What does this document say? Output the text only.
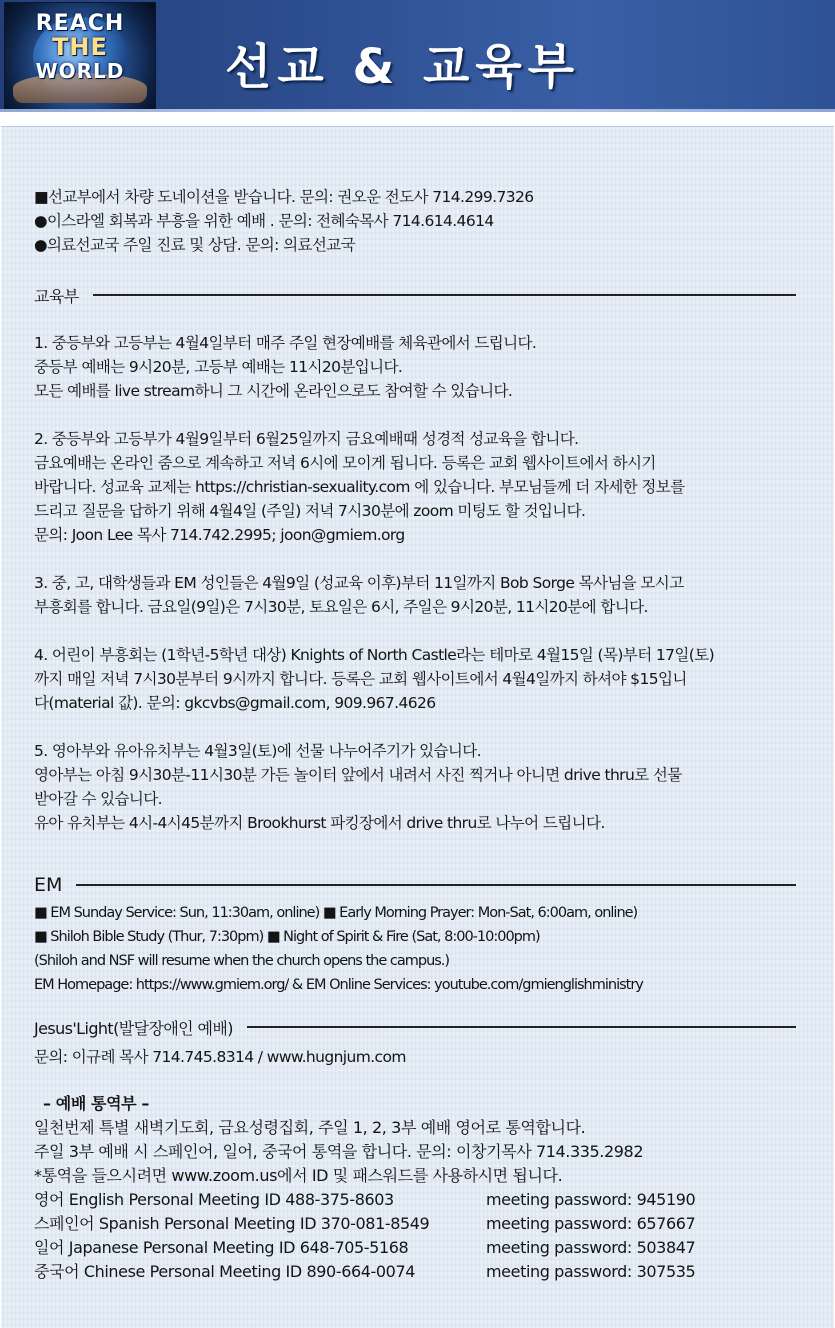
REACH
THE
WORLD	선교 & 교육부
■선교부에서 차량 도네이션을 받습니다. 문의: 권오운 전도사 714.299.7326
●이스라엘 회복과 부흥을 위한 예배 . 문의: 전혜숙목사 714.614.4614
●의료선교국 주일 진료 및 상담. 문의: 의료선교국
교육부
1. 중등부와 고등부는 4월4일부터 매주 주일 현장예배를 체육관에서 드립니다.
중등부 예배는 9시20분, 고등부 예배는 11시20분입니다.
모든 예배를 live stream하니 그 시간에 온라인으로도 참여할 수 있습니다.
2. 중등부와 고등부가 4월9일부터 6월25일까지 금요예배때 성경적 성교육을 합니다.
금요예배는 온라인 줌으로 계속하고 저녁 6시에 모이게 됩니다. 등록은 교회 웹사이트에서 하시기
바랍니다. 성교육 교제는 https://christian-sexuality.com 에 있습니다. 부모님들께 더 자세한 정보를
드리고 질문을 답하기 위해 4월4일 (주일) 저녁 7시30분에 zoom 미팅도 할 것입니다.
문의: Joon Lee 목사 714.742.2995; joon@gmiem.org
3. 중, 고, 대학생들과 EM 성인들은 4월9일 (성교육 이후)부터 11일까지 Bob Sorge 목사님을 모시고
부흥회를 합니다. 금요일(9일)은 7시30분, 토요일은 6시, 주일은 9시20분, 11시20분에 합니다.
4. 어린이 부흥회는 (1학년-5학년 대상) Knights of North Castle라는 테마로 4월15일 (목)부터 17일(토)
까지 매일 저녁 7시30분부터 9시까지 합니다. 등록은 교회 웹사이트에서 4월4일까지 하셔야 $15입니
다(material 값). 문의: gkcvbs@gmail.com, 909.967.4626
5. 영아부와 유아유치부는 4월3일(토)에 선물 나누어주기가 있습니다.
영아부는 아침 9시30분-11시30분 가든 놀이터 앞에서 내려서 사진 찍거나 아니면 drive thru로 선물
받아갈 수 있습니다.
유아 유치부는 4시-4시45분까지 Brookhurst 파킹장에서 drive thru로 나누어 드립니다.
EM
■ EM Sunday Service: Sun, 11:30am, online) ■ Early Morning Prayer: Mon-Sat, 6:00am, online)
■ Shiloh Bible Study (Thur, 7:30pm) ■ Night of Spirit & Fire (Sat, 8:00-10:00pm)
(Shiloh and NSF will resume when the church opens the campus.)
EM Homepage: https://www.gmiem.org/ & EM Online Services: youtube.com/gmienglishministry
Jesus'Light(발달장애인 예배)
문의: 이규례 목사 714.745.8314 / www.hugnjum.com
– 예배 통역부 –
일천번제 특별 새벽기도회, 금요성령집회, 주일 1, 2, 3부 예배 영어로 통역합니다.
주일 3부 예배 시 스페인어, 일어, 중국어 통역을 합니다. 문의: 이창기목사 714.335.2982
*통역을 들으시려면 www.zoom.us에서 ID 및 패스워드를 사용하시면 됩니다.
영어 English Personal Meeting ID 488-375-8603	meeting password: 945190
스페인어 Spanish Personal Meeting ID 370-081-8549	meeting password: 657667
일어 Japanese Personal Meeting ID 648-705-5168	meeting password: 503847
중국어 Chinese Personal Meeting ID 890-664-0074	meeting password: 307535
